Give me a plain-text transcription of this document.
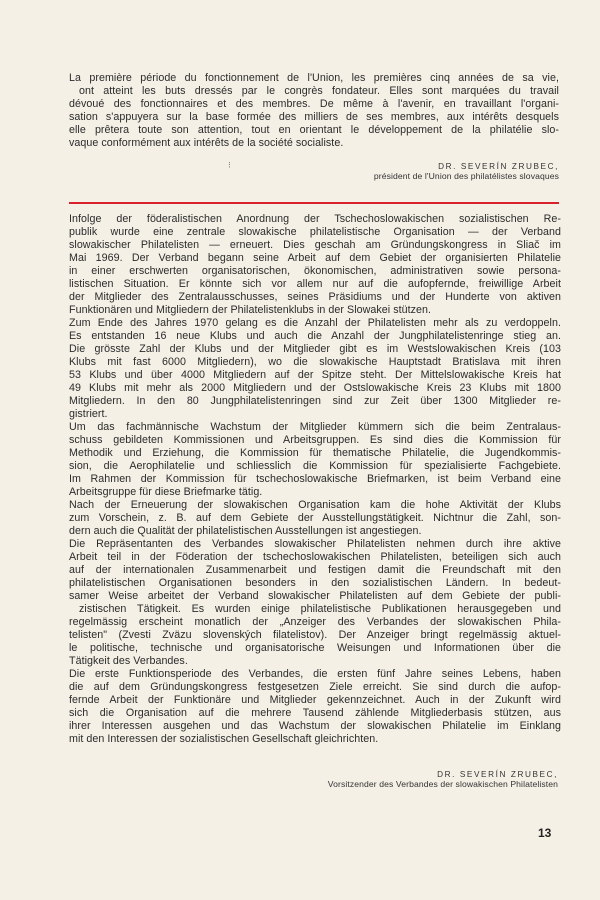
La première période du fonctionnement de l'Union, les premières cinq années de sa vie,

ont atteint les buts dressés par le congrès fondateur. Elles sont marquées du travail

dévoué des fonctionnaires et des membres. De même à l'avenir, en travaillant l'organi-

sation s'appuyera sur la base formée des milliers de ses membres, aux intérêts desquels

elle prêtera toute son attention, tout en orientant le développement de la philatélie slo-

vaque conformément aux intérêts de la société socialiste.

⁝	DR. SEVERÍN ZRUBEC,

président de l'Union des philatélistes slovaques

Infolge der föderalistischen Anordnung der Tschechoslowakischen sozialistischen Re-

publik wurde eine zentrale slowakische philatelistische Organisation — der Verband

slowakischer Philatelisten — erneuert. Dies geschah am Gründungskongress in Sliač im

Mai 1969. Der Verband begann seine Arbeit auf dem Gebiet der organisierten Philatelie

in einer erschwerten organisatorischen, ökonomischen, administrativen sowie persona-

listischen Situation. Er könnte sich vor allem nur auf die aufopfernde, freiwillige Arbeit

der Mitglieder des Zentralausschusses, seines Präsidiums und der Hunderte von aktiven

Funktionären und Mitgliedern der Philatelistenklubs in der Slowakei stützen.

Zum Ende des Jahres 1970 gelang es die Anzahl der Philatelisten mehr als zu verdoppeln.

Es entstanden 16 neue Klubs und auch die Anzahl der Jungphilatelistenringe stieg an.

Die grösste Zahl der Klubs und der Mitglieder gibt es im Westslowakischen Kreis (103

Klubs mit fast 6000 Mitgliedern), wo die slowakische Hauptstadt Bratislava mit ihren

53 Klubs und über 4000 Mitgliedern auf der Spitze steht. Der Mittelslowakische Kreis hat

49 Klubs mit mehr als 2000 Mitgliedern und der Ostslowakische Kreis 23 Klubs mit 1800

Mitgliedern. In den 80 Jungphilatelistenringen sind zur Zeit über 1300 Mitglieder re-

gistriert.

Um das fachmännische Wachstum der Mitglieder kümmern sich die beim Zentralaus-

schuss gebildeten Kommissionen und Arbeitsgruppen. Es sind dies die Kommission für

Methodik und Erziehung, die Kommission für thematische Philatelie, die Jugendkommis-

sion, die Aerophilatelie und schliesslich die Kommission für spezialisierte Fachgebiete.

Im Rahmen der Kommission für tschechoslowakische Briefmarken, ist beim Verband eine

Arbeitsgruppe für diese Briefmarke tätig.

Nach der Erneuerung der slowakischen Organisation kam die hohe Aktivität der Klubs

zum Vorschein, z. B. auf dem Gebiete der Ausstellungstätigkeit. Nichtnur die Zahl, son-

dern auch die Qualität der philatelistischen Ausstellungen ist angestiegen.

Die Repräsentanten des Verbandes slowakischer Philatelisten nehmen durch ihre aktive

Arbeit teil in der Föderation der tschechoslowakischen Philatelisten, beteiligen sich auch

auf der internationalen Zusammenarbeit und festigen damit die Freundschaft mit den

philatelistischen Organisationen besonders in den sozialistischen Ländern. In bedeut-

samer Weise arbeitet der Verband slowakischer Philatelisten auf dem Gebiete der publi-

zistischen Tätigkeit. Es wurden einige philatelistische Publikationen herausgegeben und

regelmässig erscheint monatlich der „Anzeiger des Verbandes der slowakischen Phila-

telisten" (Zvesti Zväzu slovenských filatelistov). Der Anzeiger bringt regelmässig aktuel-

le politische, technische und organisatorische Weisungen und Informationen über die

Tätigkeit des Verbandes.

Die erste Funktionsperiode des Verbandes, die ersten fünf Jahre seines Lebens, haben

die auf dem Gründungskongress festgesetzen Ziele erreicht. Sie sind durch die aufop-

fernde Arbeit der Funktionäre und Mitglieder gekennzeichnet. Auch in der Zukunft wird

sich die Organisation auf die mehrere Tausend zählende Mitgliederbasis stützen, aus

ihrer Interessen ausgehen und das Wachstum der slowakischen Philatelie im Einklang

mit den Interessen der sozialistischen Gesellschaft gleichrichten.

DR. SEVERÍN ZRUBEC,

Vorsitzender des Verbandes der slowakischen Philatelisten

13
